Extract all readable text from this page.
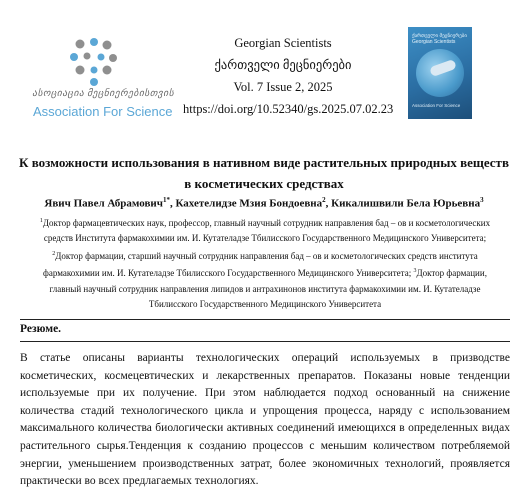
ასოციაცია მეცნიერებისთვის
Association For Science
Georgian Scientists
ქართველი მეცნიერები
Vol. 7 Issue 2, 2025
https://doi.org/10.52340/gs.2025.07.02.23
ქართველი მეცნიერები Georgian Scientists
Association For Science
К возможности использования в нативном виде растительных природных веществ
в косметических средствах
Явич Павел Абрамович$^{1*}$, Кахетелидзе Мзия Бондоевна$^2$, Кикалишвили Бела Юрьевна$^3$
$^1$Доктор фармацевтических наук, профессор, главный научный сотрудник направления бад – ов и косметологических средств Института фармакохимии им. И. Кутателадзе Тбилисского Государственного Медицинского Университета; $^2$Доктор фармации, старший научный сотрудник направления бад – ов и косметологических средств института фармакохимии им. И. Кутателадзе Тбилисского Государственного Медицинского Университета; $^3$Доктор фармации, главный научный сотрудник направления липидов и антрахинонов института фармакохимии им. И. Кутателадзе Тбилисского Государственного Медицинского Университета
Резюме.
В статье описаны варианты технологических операций используемых в призводстве косметических, космецевтических и лекарственных препаратов. Показаны новые тенденции используемые при их получение. При этом наблюдается подход основанный на снижение количества стадий технологического цикла и упрощения процесса, наряду с использованием максимального количества биологически активных соединений имеющихся в определенных видах растительного сырья.Тенденция к созданию процессов с меньшим количеством потребляемой энергии, уменьшением производственных затрат, более экономичных технологий, проявляется практически во всех предлагаемых технологиях.
